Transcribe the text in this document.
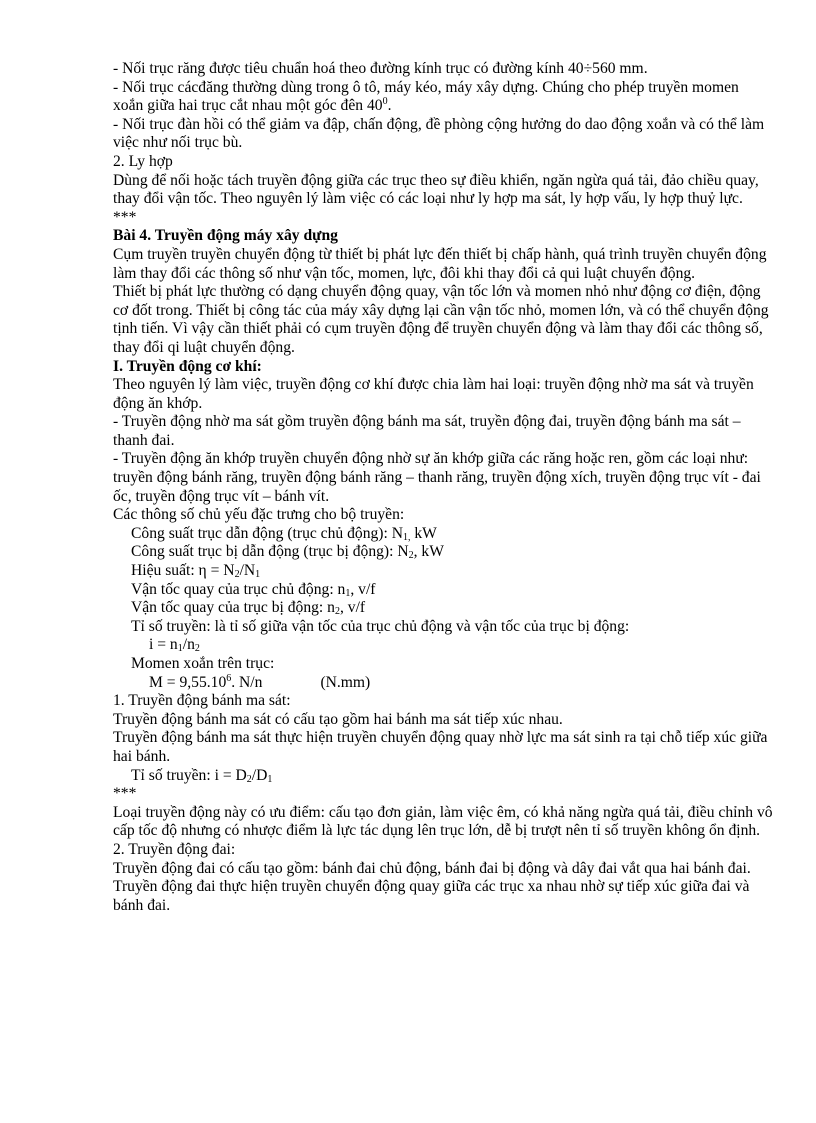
- Nối trục răng được tiêu chuẩn hoá theo đường kính trục có đường kính 40÷560 mm.

- Nối trục cácđăng thường dùng trong ô tô, máy kéo, máy xây dựng. Chúng cho phép truyền momen xoắn giữa hai trục cắt nhau một góc đên $40^0$.

- Nối trục đàn hồi có thể giảm va đập, chấn động, đề phòng cộng hưởng do dao động xoắn và có thể làm việc như nối trục bù.

2. Ly hợp

Dùng để nối hoặc tách truyền động giữa các trục theo sự điều khiển, ngăn ngừa quá tải, đảo chiều quay, thay đổi vận tốc. Theo nguyên lý làm việc có các loại như ly hợp ma sát, ly hợp vấu, ly hợp thuỷ lực.

***

Bài 4. Truyền động máy xây dựng

Cụm truyền truyền chuyển động từ thiết bị phát lực đến thiết bị chấp hành, quá trình truyền chuyển động làm thay đổi các thông số như vận tốc, momen, lực, đôi khi thay đổi cả qui luật chuyển động.

Thiết bị phát lực thường có dạng chuyển động quay, vận tốc lớn và momen nhỏ như động cơ điện, động cơ đốt trong. Thiết bị công tác của máy xây dựng lại cần vận tốc nhỏ, momen lớn, và có thể chuyển động tịnh tiến. Vì vậy cần thiết phải có cụm truyền động để truyền chuyển động và làm thay đổi các thông số, thay đổi qi luật chuyển động.

I. Truyền động cơ khí:

Theo nguyên lý làm việc, truyền động cơ khí được chia làm hai loại: truyền động nhờ ma sát và truyền động ăn khớp.

- Truyền động nhờ ma sát gồm truyền động bánh ma sát, truyền động đai, truyền động bánh ma sát – thanh đai.

- Truyền động ăn khớp truyền chuyển động nhờ sự ăn khớp giữa các răng hoặc ren, gồm các loại như: truyền động bánh răng, truyền động bánh răng – thanh răng, truyền động xích, truyền động trục vít - đai ốc, truyền động trục vít – bánh vít.

Các thông số chủ yếu đặc trưng cho bộ truyền:

Công suất trục dẫn động (trục chủ động): $N_{1,}$ kW

Công suất trục bị dẫn động (trục bị động): $N_2$, kW

Hiệu suất: $\eta = N_2/N_1$

Vận tốc quay của trục chủ động: $n_1$, v/f

Vận tốc quay của trục bị động: $n_2$, v/f

Tỉ số truyền: là tỉ số giữa vận tốc của trục chủ động và vận tốc của trục bị động:

$i = n_1/n_2$

Momen xoắn trên trục:

$M = 9,55.10^6$. N/n	(N.mm)

1. Truyền động bánh ma sát:

Truyền động bánh ma sát có cấu tạo gồm hai bánh ma sát tiếp xúc nhau.

Truyền động bánh ma sát thực hiện truyền chuyển động quay nhờ lực ma sát sinh ra tại chỗ tiếp xúc giữa hai bánh.

Tỉ số truyền: $i = D_2/D_1$

***

Loại truyền động này có ưu điểm: cấu tạo đơn giản, làm việc êm, có khả năng ngừa quá tải, điều chỉnh vô cấp tốc độ nhưng có nhược điểm là lực tác dụng lên trục lớn, dễ bị trượt nên tỉ số truyền không ổn định.

2. Truyền động đai:

Truyền động đai có cấu tạo gồm: bánh đai chủ động, bánh đai bị động và dây đai vắt qua hai bánh đai.

Truyền động đai thực hiện truyền chuyển động quay giữa các trục xa nhau nhờ sự tiếp xúc giữa đai và bánh đai.
